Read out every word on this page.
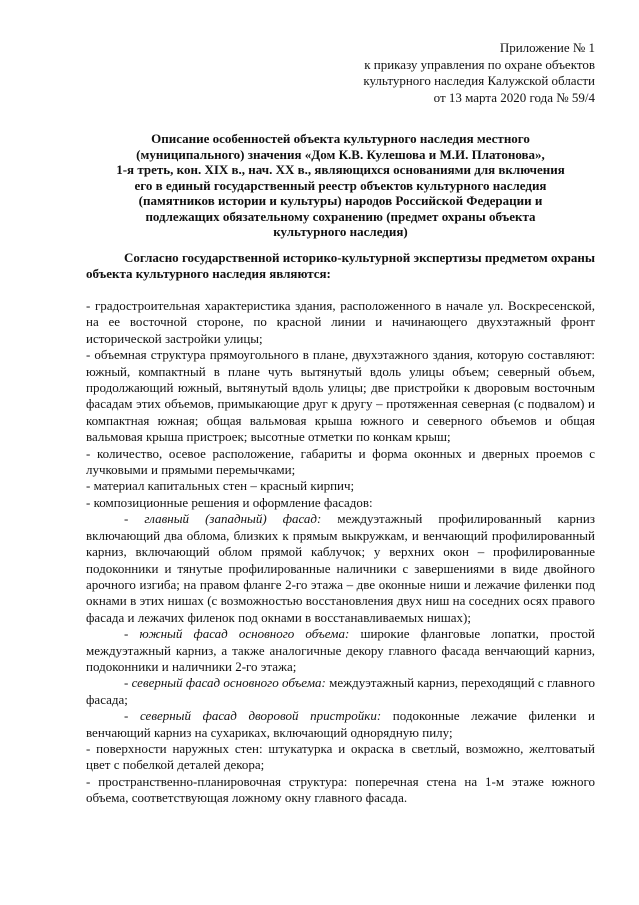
Приложение № 1
к приказу управления по охране объектов
культурного наследия Калужской области
от 13 марта 2020 года № 59/4
Описание особенностей объекта культурного наследия местного
(муниципального) значения «Дом К.В. Кулешова и М.И. Платонова»,
1-я треть, кон. XIX в., нач. XX в., являющихся основаниями для включения
его в единый государственный реестр объектов культурного наследия
(памятников истории и культуры) народов Российской Федерации и
подлежащих обязательному сохранению (предмет охраны объекта
культурного наследия)
Согласно государственной историко-культурной экспертизы предметом охраны объекта культурного наследия являются:

- градостроительная характеристика здания, расположенного в начале ул. Воскресенской, на ее восточной стороне, по красной линии и начинающего двухэтажный фронт исторической застройки улицы;

- объемная структура прямоугольного в плане, двухэтажного здания, которую составляют: южный, компактный в плане чуть вытянутый вдоль улицы объем; северный объем, продолжающий южный, вытянутый вдоль улицы; две пристройки к дворовым восточным фасадам этих объемов, примыкающие друг к другу – протяженная северная (с подвалом) и компактная южная; общая вальмовая крыша южного и северного объемов и общая вальмовая крыша пристроек; высотные отметки по конкам крыш;

- количество, осевое расположение, габариты и форма оконных и дверных проемов с лучковыми и прямыми перемычками;

- материал капитальных стен – красный кирпич;

- композиционные решения и оформление фасадов:

- главный (западный) фасад: междуэтажный профилированный карниз включающий два облома, близких к прямым выкружкам, и венчающий профилированный карниз, включающий облом прямой каблучок; у верхних окон – профилированные подоконники и тянутые профилированные наличники с завершениями в виде двойного арочного изгиба; на правом фланге 2-го этажа – две оконные ниши и лежачие филенки под окнами в этих нишах (с возможностью восстановления двух ниш на соседних осях правого фасада и лежачих филенок под окнами в восстанавливаемых нишах);

- южный фасад основного объема: широкие фланговые лопатки, простой междуэтажный карниз, а также аналогичные декору главного фасада венчающий карниз, подоконники и наличники 2-го этажа;

- северный фасад основного объема: междуэтажный карниз, переходящий с главного фасада;

- северный фасад дворовой пристройки: подоконные лежачие филенки и венчающий карниз на сухариках, включающий однорядную пилу;

- поверхности наружных стен: штукатурка и окраска в светлый, возможно, желтоватый цвет с побелкой деталей декора;

- пространственно-планировочная структура: поперечная стена на 1-м этаже южного объема, соответствующая ложному окну главного фасада.
